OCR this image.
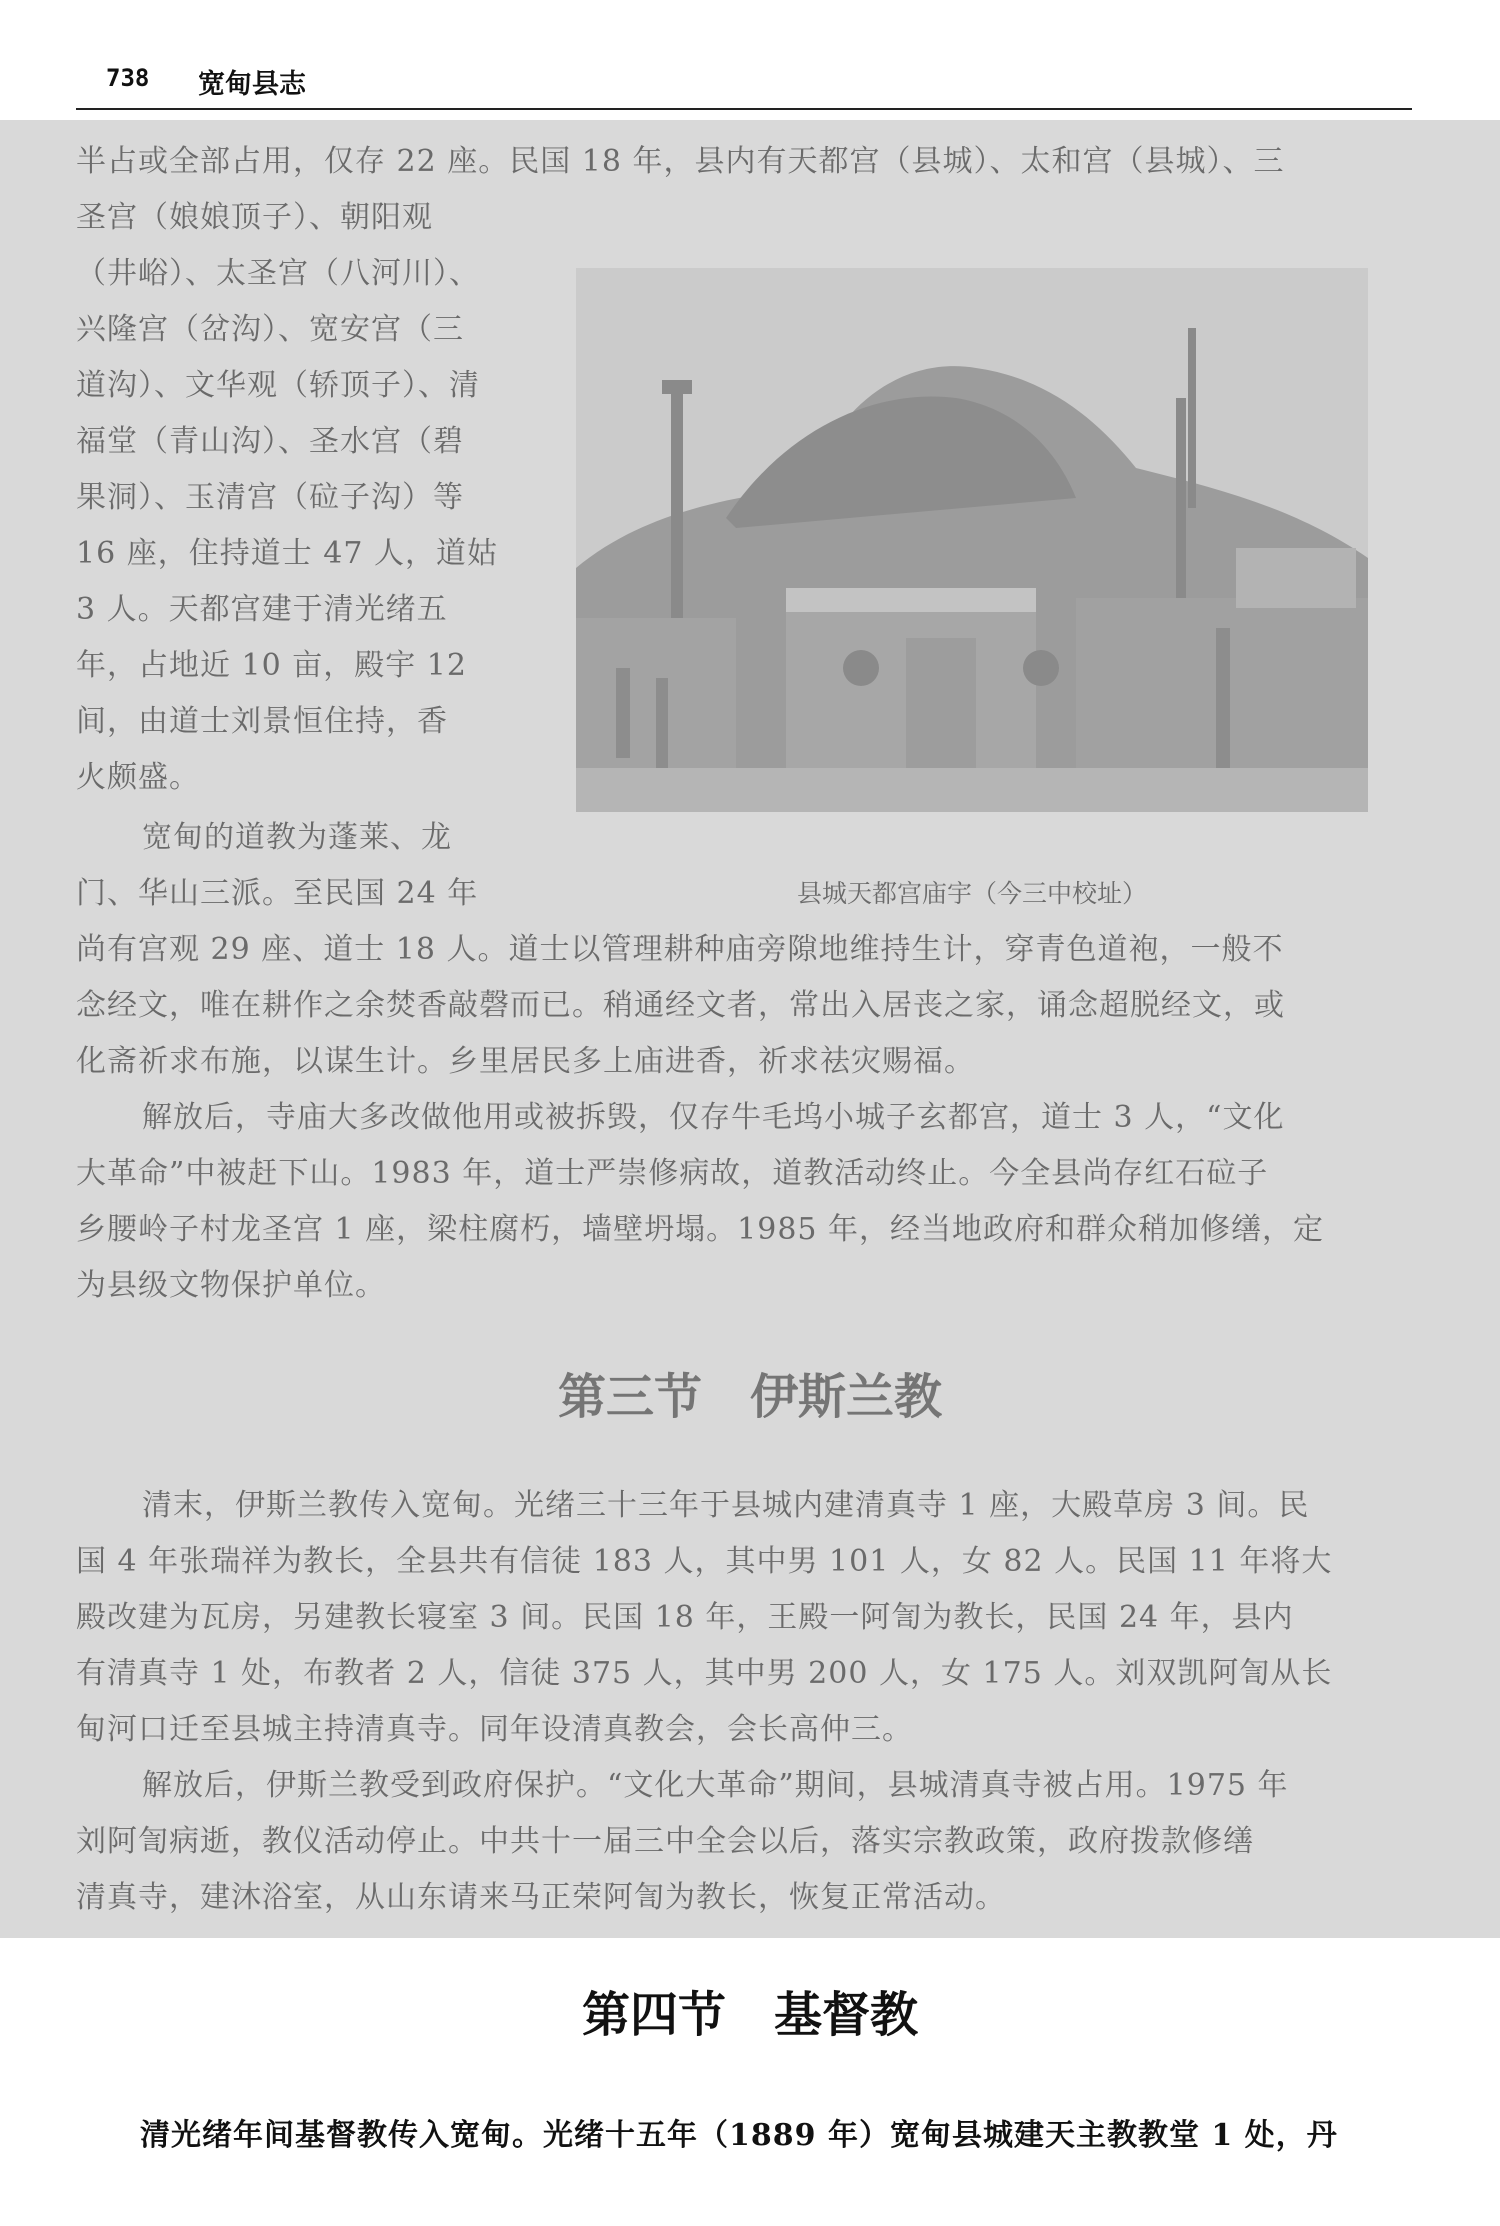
738 宽甸县志
半占或全部占用，仅存 22 座。民国 18 年，县内有天都宫（县城）、太和宫（县城）、三
圣宫（娘娘顶子）、朝阳观
（井峪）、太圣宫（八河川）、
兴隆宫（岔沟）、宽安宫（三
道沟）、文华观（轿顶子）、清
福堂（青山沟）、圣水宫（碧
果洞）、玉清宫（砬子沟）等
16 座，住持道士 47 人，道姑
3 人。天都宫建于清光绪五
年，占地近 10 亩，殿宇 12
间，由道士刘景恒住持，香
火颇盛。
宽甸的道教为蓬莱、龙
门、华山三派。至民国 24 年	县城天都宫庙宇（今三中校址）
尚有宫观 29 座、道士 18 人。道士以管理耕种庙旁隙地维持生计，穿青色道袍，一般不
念经文，唯在耕作之余焚香敲磬而已。稍通经文者，常出入居丧之家，诵念超脱经文，或
化斋祈求布施，以谋生计。乡里居民多上庙进香，祈求祛灾赐福。
解放后，寺庙大多改做他用或被拆毁，仅存牛毛坞小城子玄都宫，道士 3 人，“文化
大革命”中被赶下山。1983 年，道士严崇修病故，道教活动终止。今全县尚存红石砬子
乡腰岭子村龙圣宫 1 座，梁柱腐朽，墙壁坍塌。1985 年，经当地政府和群众稍加修缮，定
为县级文物保护单位。
第三节　伊斯兰教
清末，伊斯兰教传入宽甸。光绪三十三年于县城内建清真寺 1 座，大殿草房 3 间。民
国 4 年张瑞祥为教长，全县共有信徒 183 人，其中男 101 人，女 82 人。民国 11 年将大
殿改建为瓦房，另建教长寝室 3 间。民国 18 年，王殿一阿訇为教长，民国 24 年，县内
有清真寺 1 处，布教者 2 人，信徒 375 人，其中男 200 人，女 175 人。刘双凯阿訇从长
甸河口迁至县城主持清真寺。同年设清真教会，会长高仲三。
解放后，伊斯兰教受到政府保护。“文化大革命”期间，县城清真寺被占用。1975 年
刘阿訇病逝，教仪活动停止。中共十一届三中全会以后，落实宗教政策，政府拨款修缮
清真寺，建沐浴室，从山东请来马正荣阿訇为教长，恢复正常活动。
第四节　基督教
清光绪年间基督教传入宽甸。光绪十五年（1889 年）宽甸县城建天主教教堂 1 处，丹
